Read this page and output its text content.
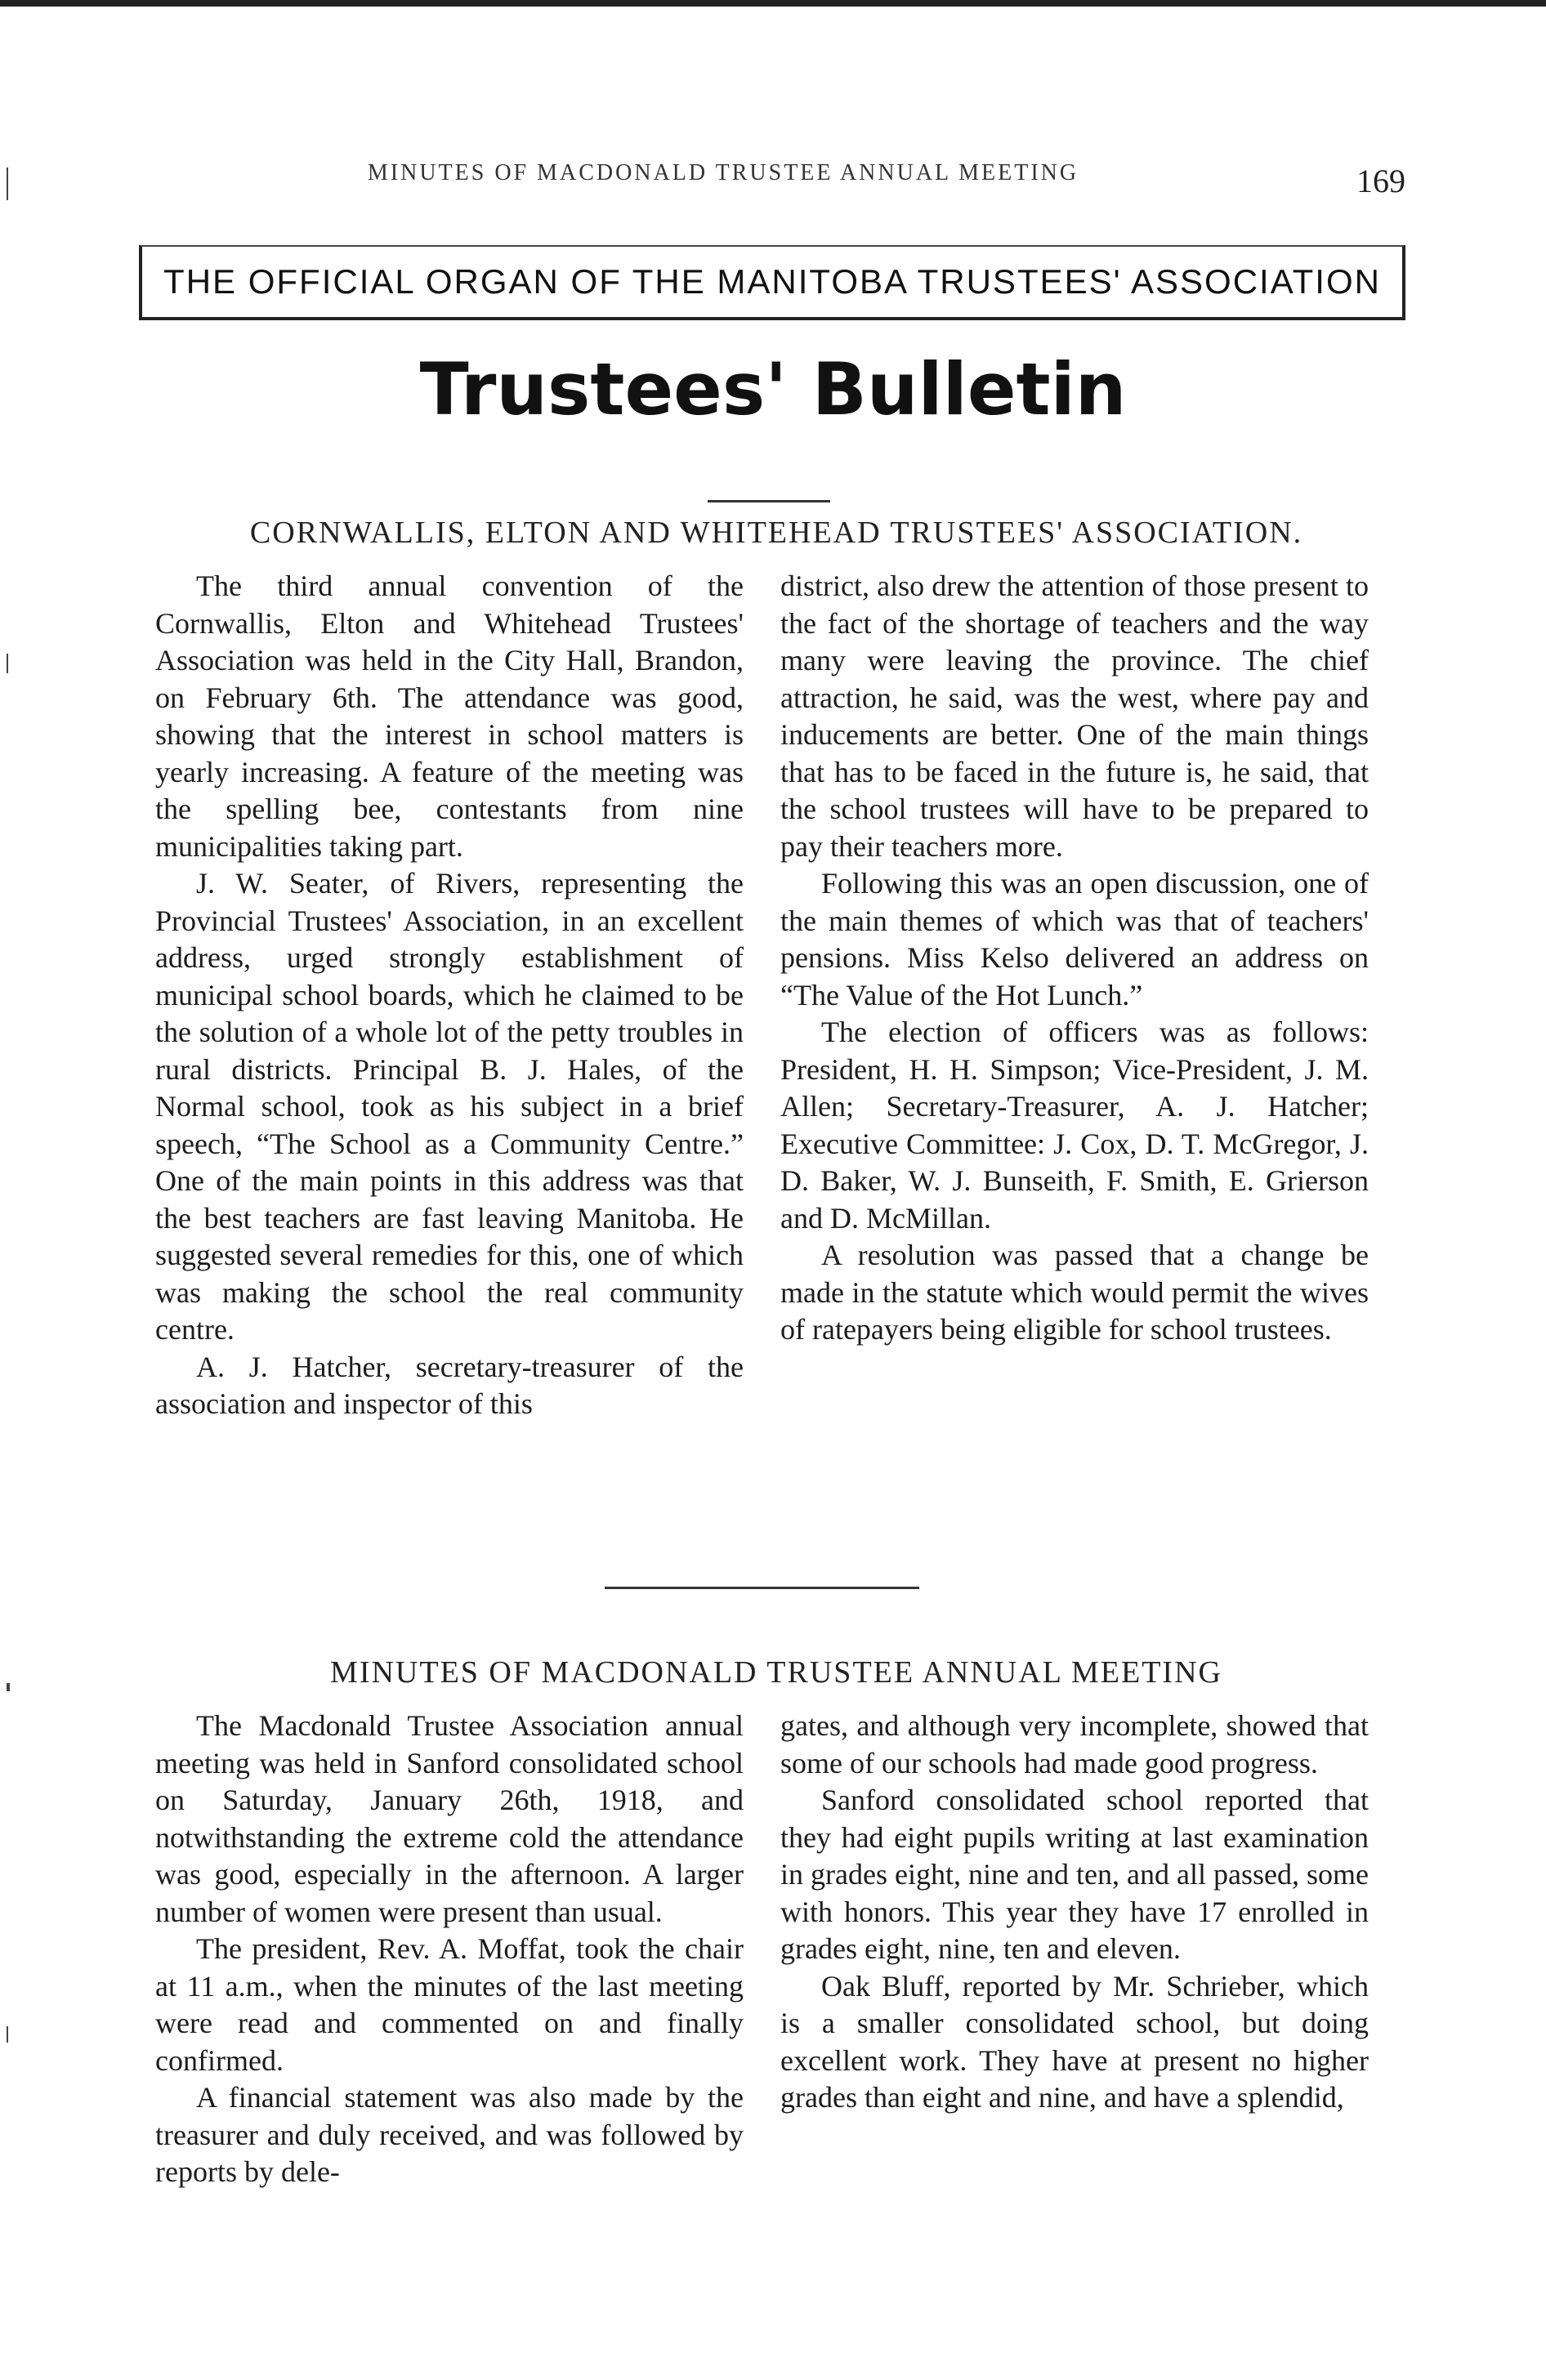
MINUTES OF MACDONALD TRUSTEE ANNUAL MEETING	169
THE OFFICIAL ORGAN OF THE MANITOBA TRUSTEES' ASSOCIATION
Trustees' Bulletin
CORNWALLIS, ELTON AND WHITEHEAD TRUSTEES' ASSOCIATION.

The third annual convention of the Cornwallis, Elton and Whitehead Trustees' Association was held in the City Hall, Brandon, on February 6th. The attendance was good, showing that the interest in school matters is yearly increasing. A feature of the meeting was the spelling bee, contestants from nine municipalities taking part.

J. W. Seater, of Rivers, representing the Provincial Trustees' Association, in an excellent address, urged strongly establishment of municipal school boards, which he claimed to be the solution of a whole lot of the petty troubles in rural districts. Principal B. J. Hales, of the Normal school, took as his subject in a brief speech, “The School as a Community Centre.” One of the main points in this address was that the best teachers are fast leaving Manitoba. He suggested several remedies for this, one of which was making the school the real community centre.

A. J. Hatcher, secretary-treasurer of the association and inspector of this

district, also drew the attention of those present to the fact of the shortage of teachers and the way many were leaving the province. The chief attraction, he said, was the west, where pay and inducements are better. One of the main things that has to be faced in the future is, he said, that the school trustees will have to be prepared to pay their teachers more.

Following this was an open discussion, one of the main themes of which was that of teachers' pensions. Miss Kelso delivered an address on “The Value of the Hot Lunch.”

The election of officers was as follows: President, H. H. Simpson; Vice-President, J. M. Allen; Secretary-Treasurer, A. J. Hatcher; Executive Committee: J. Cox, D. T. McGregor, J. D. Baker, W. J. Bunseith, F. Smith, E. Grierson and D. McMillan.

A resolution was passed that a change be made in the statute which would permit the wives of ratepayers being eligible for school trustees.

MINUTES OF MACDONALD TRUSTEE ANNUAL MEETING

The Macdonald Trustee Association annual meeting was held in Sanford consolidated school on Saturday, January 26th, 1918, and notwithstanding the extreme cold the attendance was good, especially in the afternoon. A larger number of women were present than usual.

The president, Rev. A. Moffat, took the chair at 11 a.m., when the minutes of the last meeting were read and commented on and finally confirmed.

A financial statement was also made by the treasurer and duly received, and was followed by reports by dele-

gates, and although very incomplete, showed that some of our schools had made good progress.

Sanford consolidated school reported that they had eight pupils writing at last examination in grades eight, nine and ten, and all passed, some with honors. This year they have 17 enrolled in grades eight, nine, ten and eleven.

Oak Bluff, reported by Mr. Schrieber, which is a smaller consolidated school, but doing excellent work. They have at present no higher grades than eight and nine, and have a splendid,
